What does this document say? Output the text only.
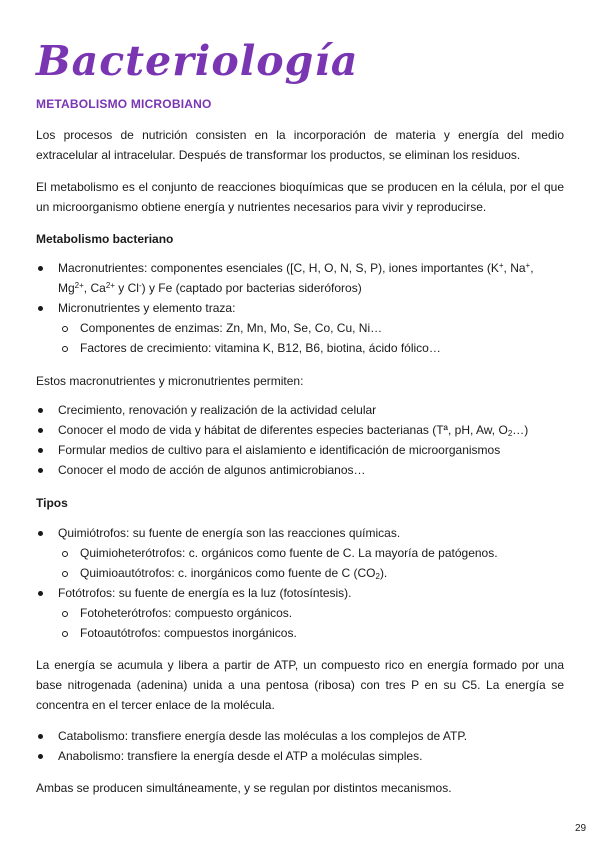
Bacteriología
METABOLISMO MICROBIANO
Los procesos de nutrición consisten en la incorporación de materia y energía del medio extracelular al intracelular. Después de transformar los productos, se eliminan los residuos.
El metabolismo es el conjunto de reacciones bioquímicas que se producen en la célula, por el que un microorganismo obtiene energía y nutrientes necesarios para vivir y reproducirse.
Metabolismo bacteriano
Macronutrientes: componentes esenciales ([C, H, O, N, S, P), iones importantes (K+, Na+, $Mg^{2+}$, $Ca^{2+}$ y Cl-) y Fe (captado por bacterias sideróforos)
Micronutrientes y elemento traza:
Componentes de enzimas: Zn, Mn, Mo, Se, Co, Cu, Ni…
Factores de crecimiento: vitamina K, B12, B6, biotina, ácido fólico…
Estos macronutrientes y micronutrientes permiten:
Crecimiento, renovación y realización de la actividad celular
Conocer el modo de vida y hábitat de diferentes especies bacterianas (Tª, pH, Aw, $O_2\dots$)
Formular medios de cultivo para el aislamiento e identificación de microorganismos
Conocer el modo de acción de algunos antimicrobianos…
Tipos
Quimiótrofos: su fuente de energía son las reacciones químicas.
Quimioheterótrofos: c. orgánicos como fuente de C. La mayoría de patógenos.
Quimioautótrofos: c. inorgánicos como fuente de C $(CO_2)$.
Fotótrofos: su fuente de energía es la luz (fotosíntesis).
Fotoheterótrofos: compuesto orgánicos.
Fotoautótrofos: compuestos inorgánicos.
La energía se acumula y libera a partir de ATP, un compuesto rico en energía formado por una base nitrogenada (adenina) unida a una pentosa (ribosa) con tres P en su C5. La energía se concentra en el tercer enlace de la molécula.
Catabolismo: transfiere energía desde las moléculas a los complejos de ATP.
Anabolismo: transfiere la energía desde el ATP a moléculas simples.
Ambas se producen simultáneamente, y se regulan por distintos mecanismos.
29
